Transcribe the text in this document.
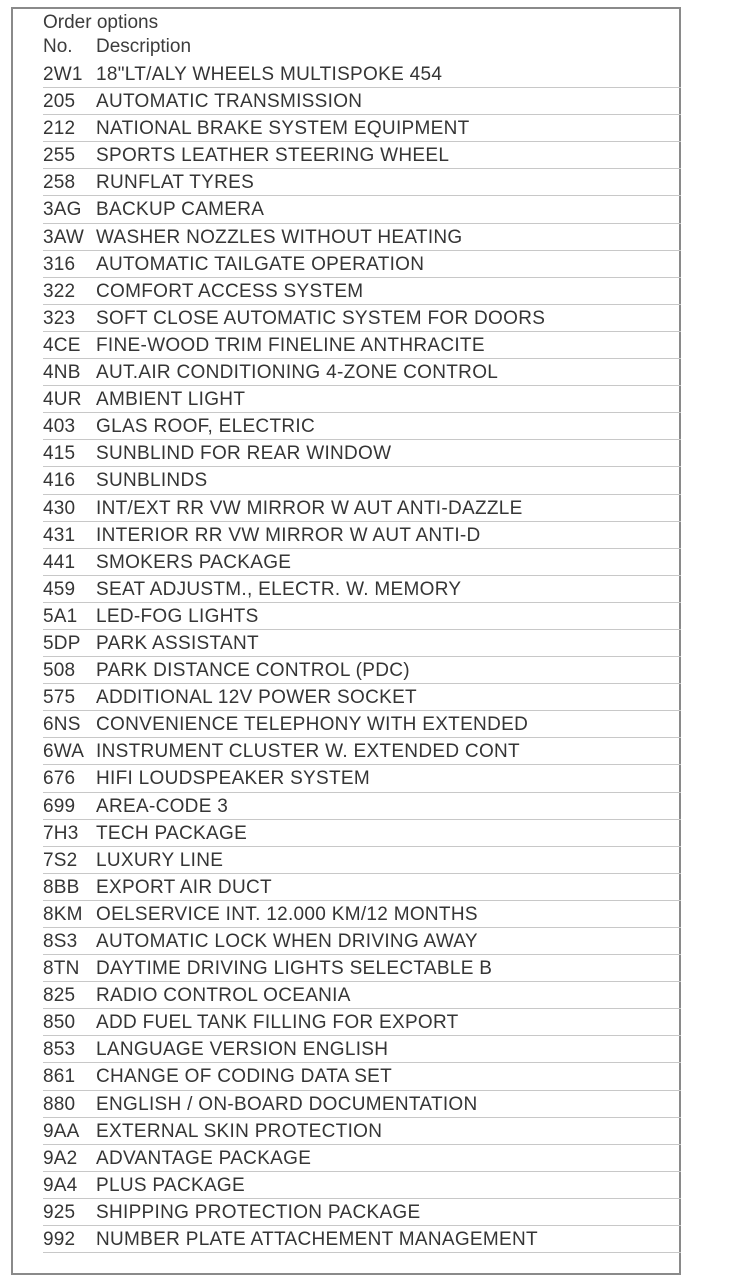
Order options
No.	Description
2W1 18"LT/ALY WHEELS MULTISPOKE 454
205	AUTOMATIC TRANSMISSION
212	NATIONAL BRAKE SYSTEM EQUIPMENT
255	SPORTS LEATHER STEERING WHEEL
258	RUNFLAT TYRES
3AG BACKUP CAMERA
3AW WASHER NOZZLES WITHOUT HEATING
316	AUTOMATIC TAILGATE OPERATION
322	COMFORT ACCESS SYSTEM
323	SOFT CLOSE AUTOMATIC SYSTEM FOR DOORS
4CE FINE-WOOD TRIM FINELINE ANTHRACITE
4NB AUT.AIR CONDITIONING 4-ZONE CONTROL
4UR AMBIENT LIGHT
403	GLAS ROOF, ELECTRIC
415	SUNBLIND FOR REAR WINDOW
416	SUNBLINDS
430	INT/EXT RR VW MIRROR W AUT ANTI-DAZZLE
431	INTERIOR RR VW MIRROR W AUT ANTI-D
441	SMOKERS PACKAGE
459	SEAT ADJUSTM., ELECTR. W. MEMORY
5A1 LED-FOG LIGHTS
5DP PARK ASSISTANT
508	PARK DISTANCE CONTROL (PDC)
575	ADDITIONAL 12V POWER SOCKET
6NS CONVENIENCE TELEPHONY WITH EXTENDED
6WA INSTRUMENT CLUSTER W. EXTENDED CONT
676	HIFI LOUDSPEAKER SYSTEM
699	AREA-CODE 3
7H3 TECH PACKAGE
7S2 LUXURY LINE
8BB EXPORT AIR DUCT
8KM OELSERVICE INT. 12.000 KM/12 MONTHS
8S3 AUTOMATIC LOCK WHEN DRIVING AWAY
8TN DAYTIME DRIVING LIGHTS SELECTABLE B
825	RADIO CONTROL OCEANIA
850	ADD FUEL TANK FILLING FOR EXPORT
853	LANGUAGE VERSION ENGLISH
861	CHANGE OF CODING DATA SET
880	ENGLISH / ON-BOARD DOCUMENTATION
9AA EXTERNAL SKIN PROTECTION
9A2 ADVANTAGE PACKAGE
9A4 PLUS PACKAGE
925	SHIPPING PROTECTION PACKAGE
992	NUMBER PLATE ATTACHEMENT MANAGEMENT
